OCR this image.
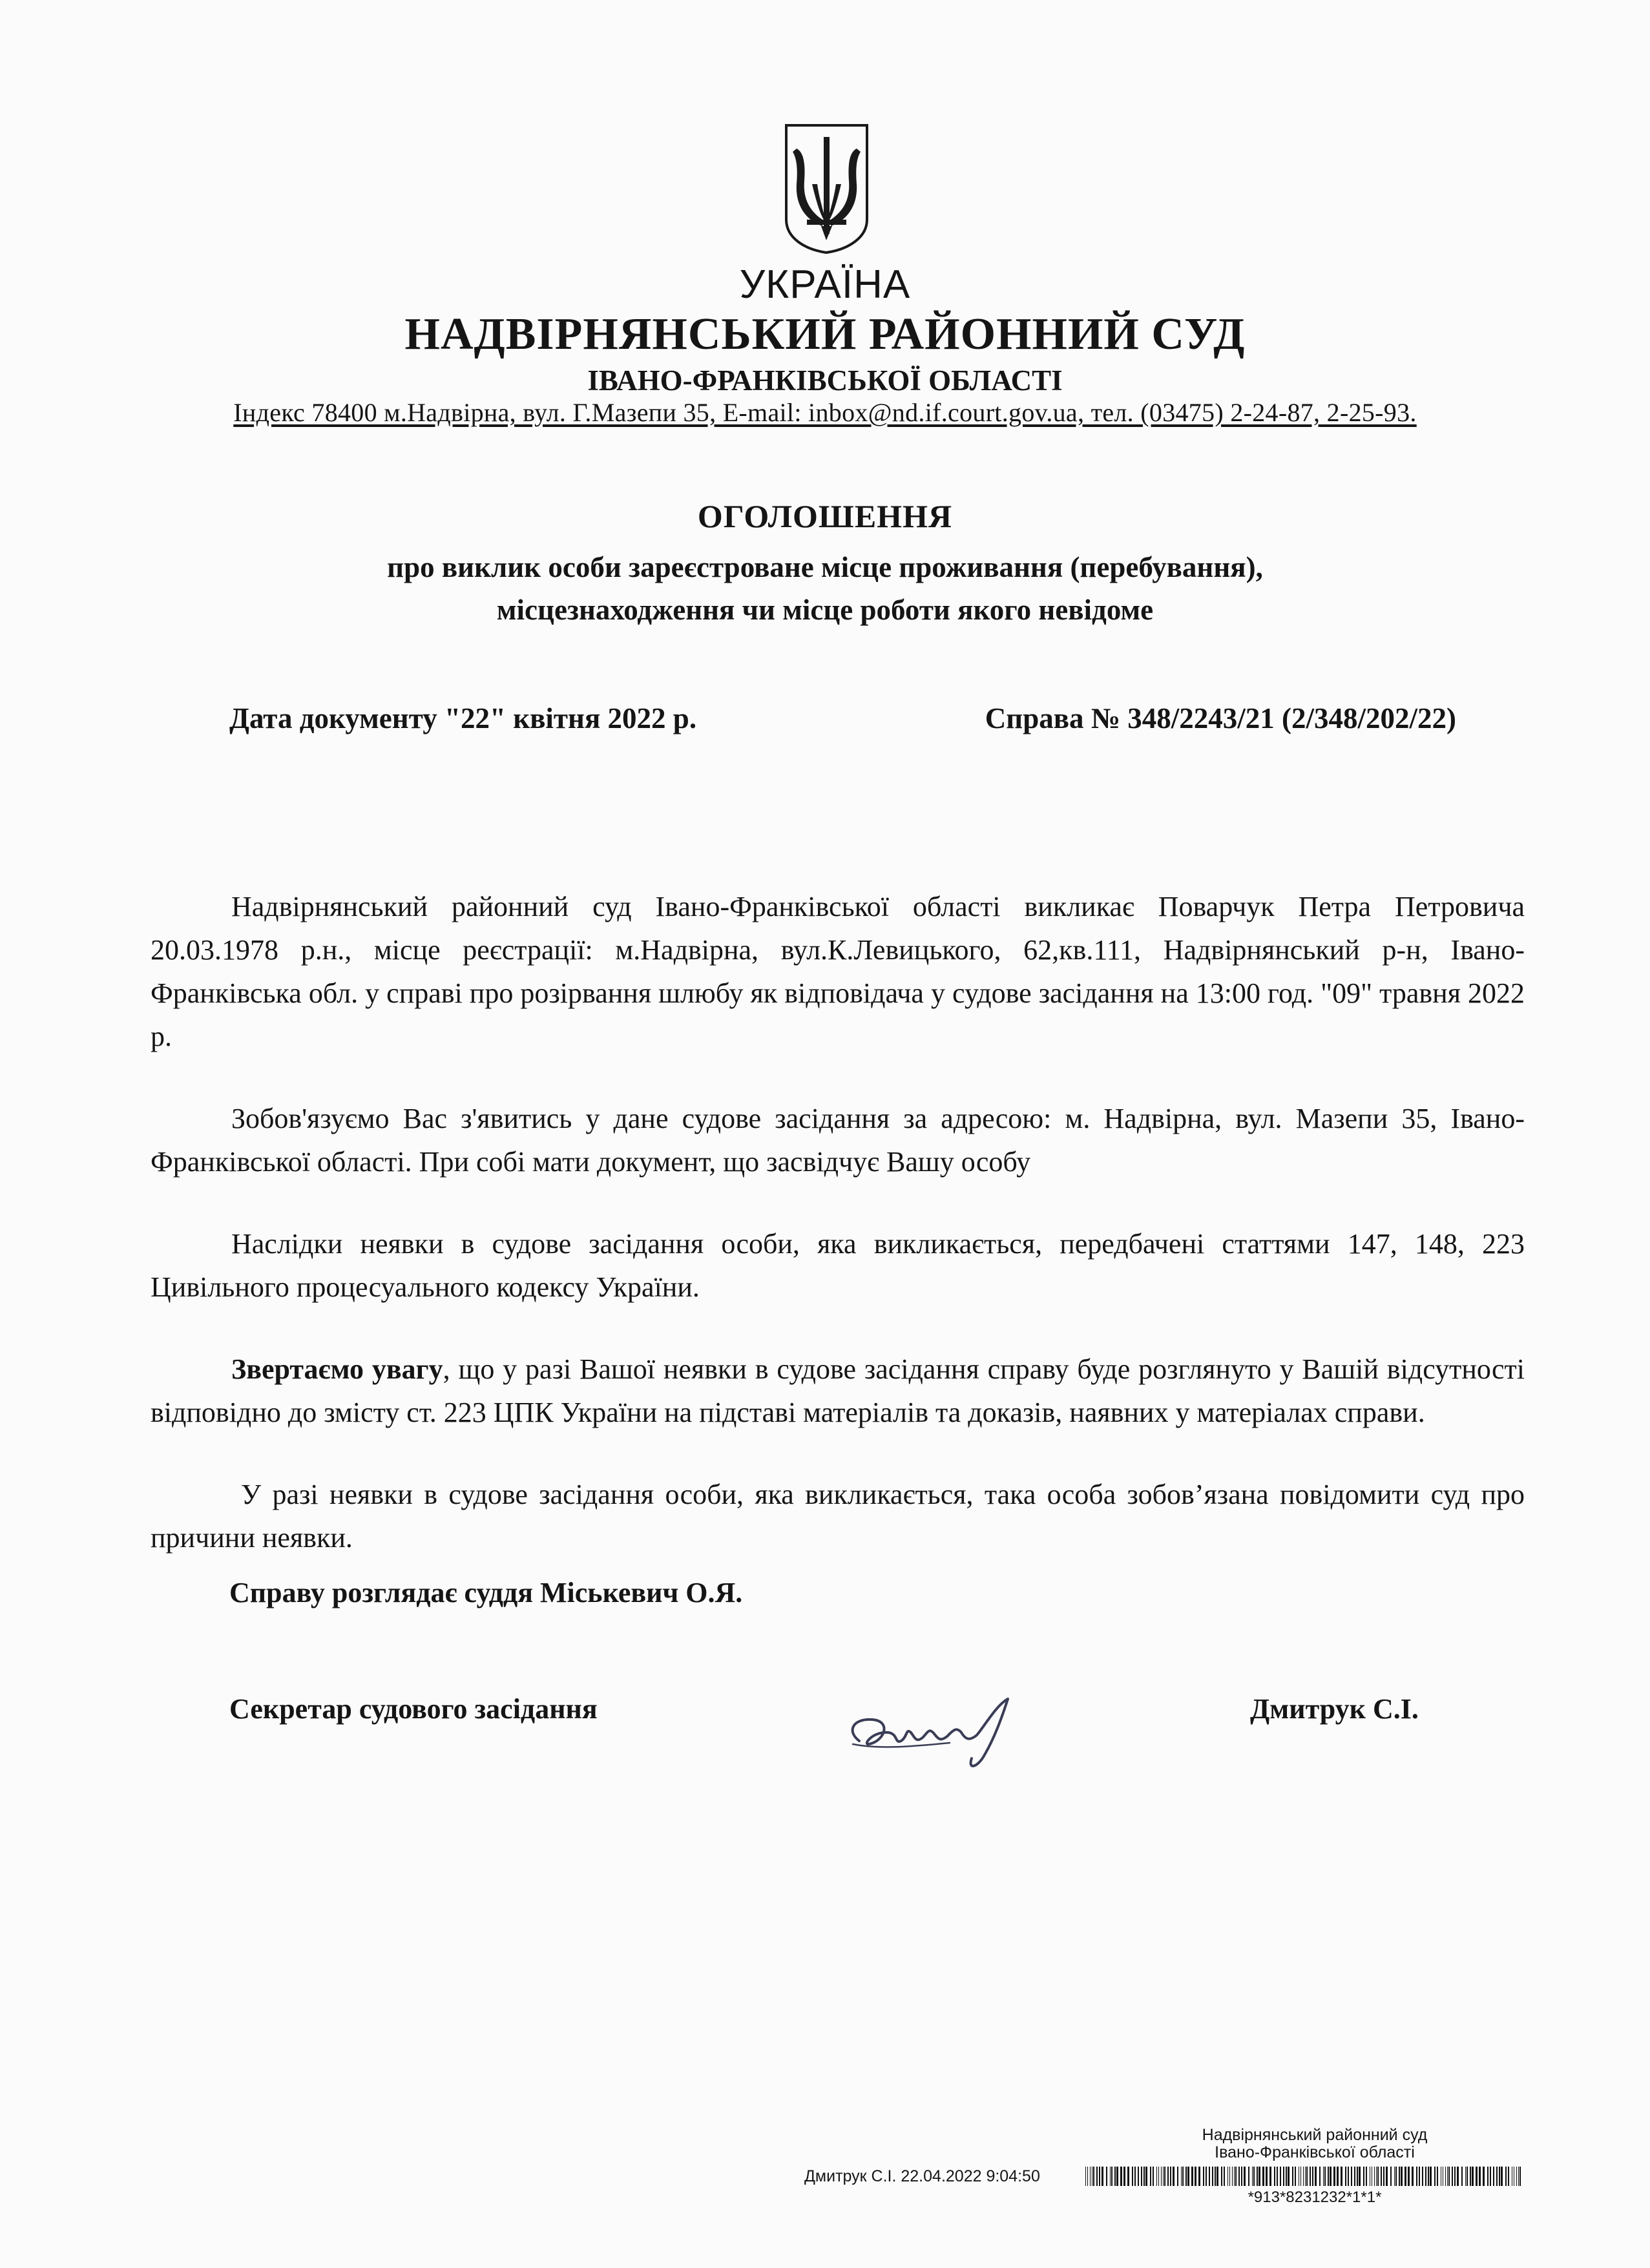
УКРАЇНА
НАДВІРНЯНСЬКИЙ РАЙОННИЙ СУД
ІВАНО-ФРАНКІВСЬКОЇ ОБЛАСТІ
Індекс 78400 м.Надвірна, вул. Г.Мазепи 35, E-mail: inbox@nd.if.court.gov.ua, тел. (03475) 2-24-87, 2-25-93.
ОГОЛОШЕННЯ
про виклик особи зареєстроване місце проживання (перебування),
місцезнаходження чи місце роботи якого невідоме
Дата документу "22" квітня 2022 р.	Справа № 348/2243/21 (2/348/202/22)

Надвірнянський районний суд Івано-Франківської області викликає Поварчук Петра Петровича 20.03.1978 р.н., місце реєстрації: м.Надвірна, вул.К.Левицького, 62,кв.111, Надвірнянський р-н, Івано- Франківська обл. у справі про розірвання шлюбу як відповідача у судове засідання на 13:00 год. "09" травня 2022 р.

Зобов'язуємо Вас з'явитись у дане судове засідання за адресою: м. Надвірна, вул. Мазепи 35, Івано-Франківської області. При собі мати документ, що засвідчує Вашу особу

Наслідки неявки в судове засідання особи, яка викликається, передбачені статтями 147, 148, 223 Цивільного процесуального кодексу України.

Звертаємо увагу, що у разі Вашої неявки в судове засідання справу буде розглянуто у Вашій відсутності відповідно до змісту ст. 223 ЦПК України на підставі матеріалів та доказів, наявних у матеріалах справи.

У разі неявки в судове засідання особи, яка викликається, така особа зобов’язана повідомити суд про причини неявки.

Справу розглядає суддя Міськевич О.Я.
Секретар судового засідання	Дмитрук С.І.
Надвірнянський районний суд
Івано-Франківської області
Дмитрук С.І. 22.04.2022 9:04:50
*913*8231232*1*1*
